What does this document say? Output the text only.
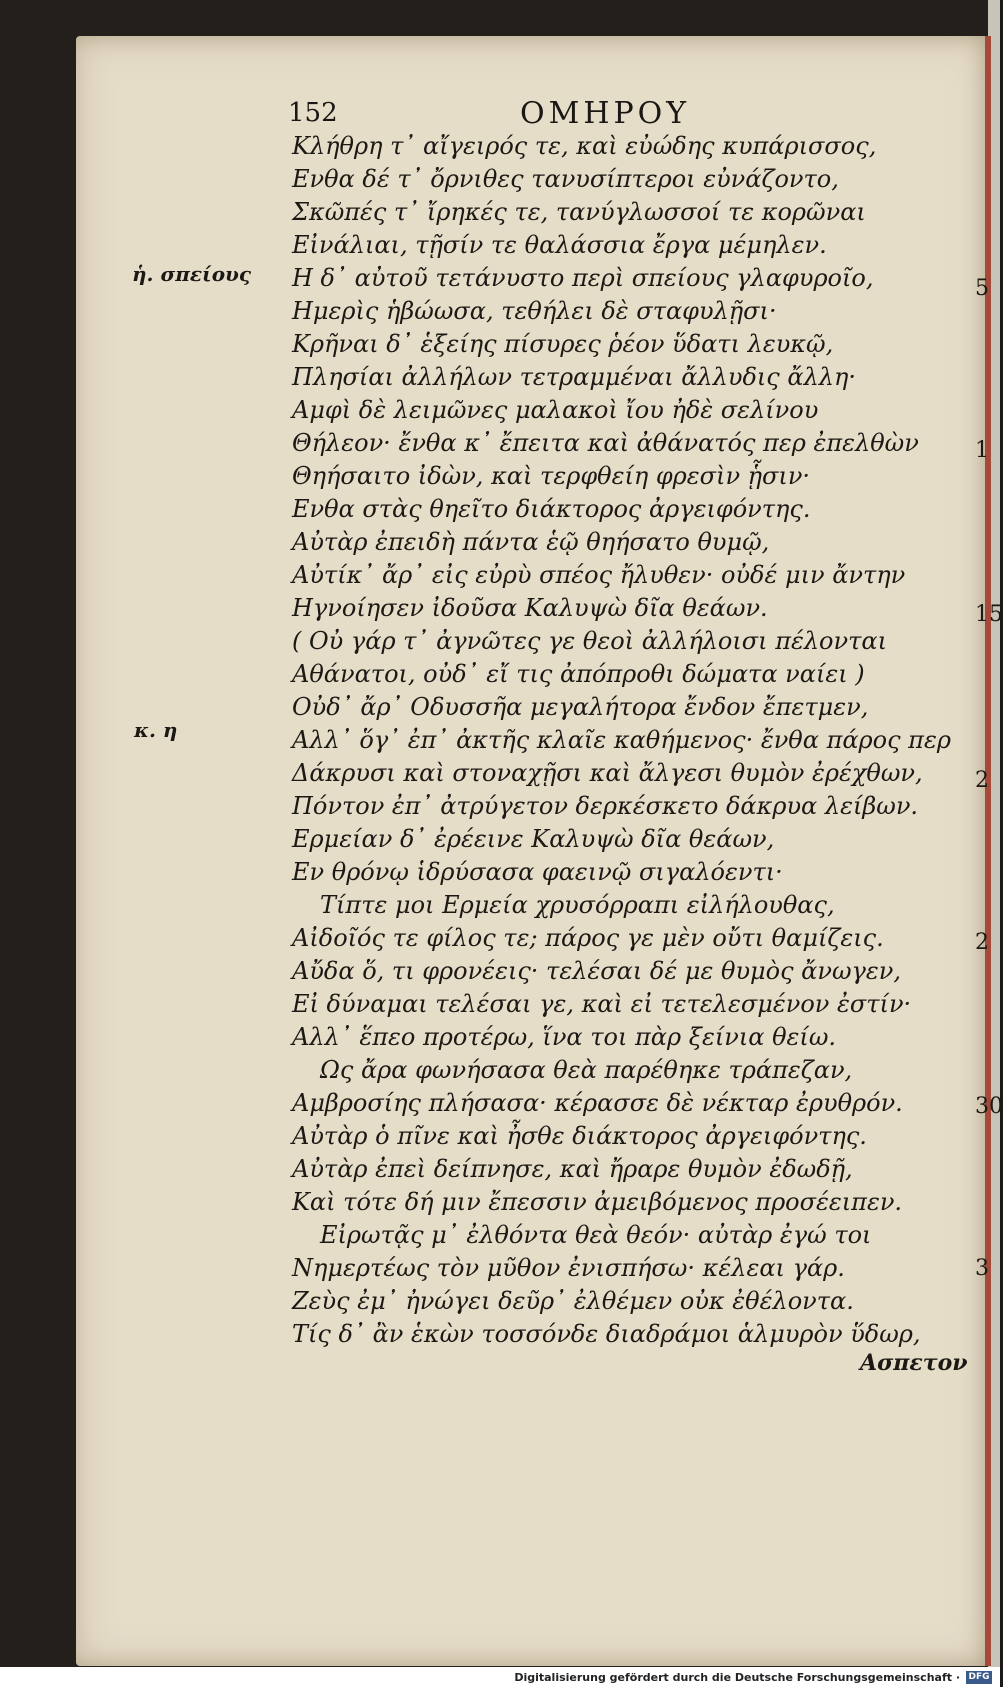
152	ΟΜΗΡΟΥ
Κλήθρη τ᾽ αἴγειρός τε, καὶ εὐώδης κυπάρισσος,
Ενθα δέ τ᾽ ὄρνιθες τανυσίπτεροι εὐνάζοντο,
Σκῶπές τ᾽ ἴρηκές τε, τανύγλωσσοί τε κορῶναι
Εἰνάλιαι, τῇσίν τε θαλάσσια ἔργα μέμηλεν.
Η δ᾽ αὐτοῦ τετάνυστο περὶ σπείους γλαφυροῖο,
Ημερὶς ἡβώωσα, τεθήλει δὲ σταφυλῇσι·
Κρῆναι δ᾽ ἑξείης πίσυρες ῥέον ὕδατι λευκῷ,
Πλησίαι ἀλλήλων τετραμμέναι ἄλλυδις ἄλλη·
Αμφὶ δὲ λειμῶνες μαλακοὶ ἴου ἠδὲ σελίνου
Θήλεον· ἔνθα κ᾽ ἔπειτα καὶ ἀθάνατός περ ἐπελθὼν
Θηήσαιτο ἰδὼν, καὶ τερφθείη φρεσὶν ᾗσιν·
Ενθα στὰς θηεῖτο διάκτορος ἀργειφόντης.
Αὐτὰρ ἐπειδὴ πάντα ἑῷ θηήσατο θυμῷ,
Αὐτίκ᾽ ἄρ᾽ εἰς εὐρὺ σπέος ἤλυθεν· οὐδέ μιν ἄντην
Ηγνοίησεν ἰδοῦσα Καλυψὼ δῖα θεάων.
( Οὐ γάρ τ᾽ ἀγνῶτες γε θεοὶ ἀλλήλοισι πέλονται
Αθάνατοι, οὐδ᾽ εἴ τις ἀπόπροθι δώματα ναίει )
Οὐδ᾽ ἄρ᾽ Οδυσσῆα μεγαλήτορα ἔνδον ἔπετμεν,
Αλλ᾽ ὅγ᾽ ἐπ᾽ ἀκτῆς κλαῖε καθήμενος· ἔνθα πάρος περ
Δάκρυσι καὶ στοναχῇσι καὶ ἄλγεσι θυμὸν ἐρέχθων,
Πόντον ἐπ᾽ ἀτρύγετον δερκέσκετο δάκρυα λείβων.
Ερμείαν δ᾽ ἐρέεινε Καλυψὼ δῖα θεάων,
Εν θρόνῳ ἱδρύσασα φαεινῷ σιγαλόεντι·
Τίπτε μοι Ερμεία χρυσόρραπι εἰλήλουθας,
Αἰδοῖός τε φίλος τε; πάρος γε μὲν οὔτι θαμίζεις.
Αὔδα ὅ, τι φρονέεις· τελέσαι δέ με θυμὸς ἄνωγεν,
Εἰ δύναμαι τελέσαι γε, καὶ εἰ τετελεσμένον ἐστίν·
Αλλ᾽ ἕπεο προτέρω, ἵνα τοι πὰρ ξείνια θείω.
Ως ἄρα φωνήσασα θεὰ παρέθηκε τράπεζαν,
Αμβροσίης πλήσασα· κέρασσε δὲ νέκταρ ἐρυθρόν.
Αὐτὰρ ὁ πῖνε καὶ ἦσθε διάκτορος ἀργειφόντης.
Αὐτὰρ ἐπεὶ δείπνησε, καὶ ἤραρε θυμὸν ἐδωδῇ,
Καὶ τότε δή μιν ἔπεσσιν ἀμειβόμενος προσέειπεν.
Εἰρωτᾷς μ᾽ ἐλθόντα θεὰ θεόν· αὐτὰρ ἐγώ τοι
Νημερτέως τὸν μῦθον ἐνισπήσω· κέλεαι γάρ.
Ζεὺς ἐμ᾽ ἠνώγει δεῦρ᾽ ἐλθέμεν οὐκ ἐθέλοντα.
Τίς δ᾽ ἂν ἑκὼν τοσσόνδε διαδράμοι ἁλμυρὸν ὕδωρ,
ἡ. σπείους
κ. η
5
1
15
2
2
30
3
Ασπετον
Digitalisierung gefördert durch die Deutsche Forschungsgemeinschaft · DFG
